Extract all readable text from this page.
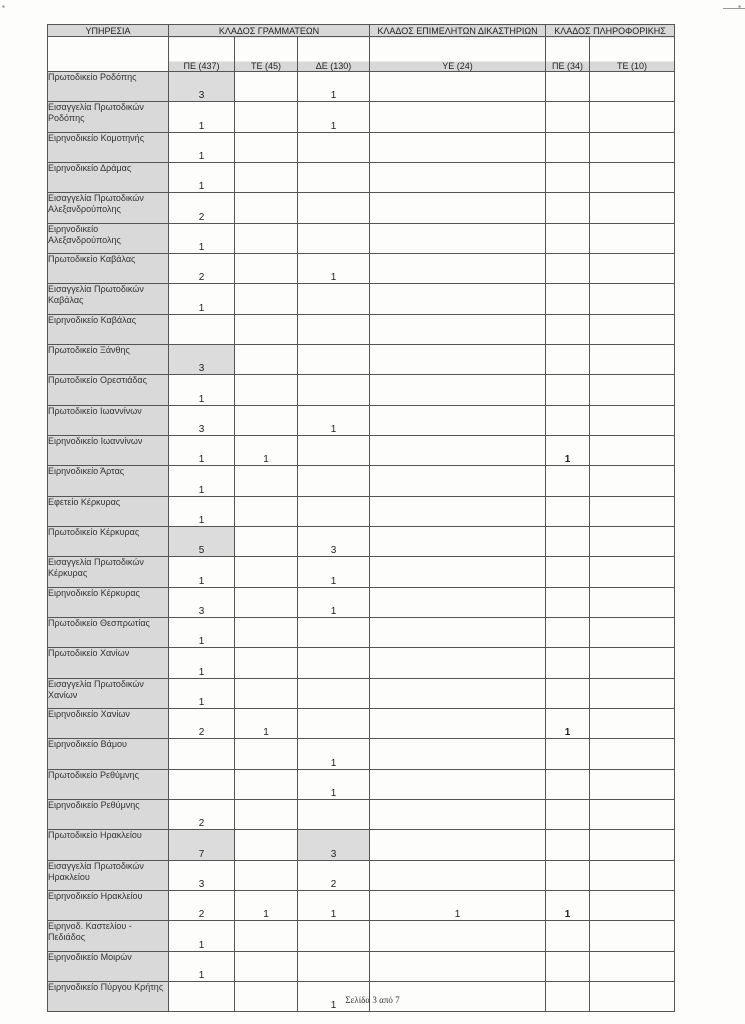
▪	▪
ΥΠΗΡΕΣΙΑ	ΚΛΑΔΟΣ ΓΡΑΜΜΑΤΕΩΝ			ΚΛΑΔΟΣ ΕΠΙΜΕΛΗΤΩΝ ΔΙΚΑΣΤΗΡΙΩΝ	ΚΛΑΔΟΣ ΠΛΗΡΟΦΟΡΙΚΗΣ	
	ΠΕ (437)	ΤΕ (45)	ΔΕ (130)	ΥΕ (24)	ΠΕ (34)	ΤΕ (10)
Πρωτοδικείο Ροδόπης	3		1			
Εισαγγελία Πρωτοδικών Ροδόπης	1		1			
Ειρηνοδικείο Κομοτηνής	1					
Ειρηνοδικείο Δράμας	1					
Εισαγγελία Πρωτοδικών Αλεξανδρούπολης	2					
Ειρηνοδικείο Αλεξανδρούπολης	1					
Πρωτοδικείο Καβάλας	2		1			
Εισαγγελία Πρωτοδικών Καβάλας	1					
Ειρηνοδικείο Καβάλας						
Πρωτοδικείο Ξάνθης	3					
Πρωτοδικείο Ορεστιάδας	1					
Πρωτοδικείο Ιωαννίνων	3		1			
Ειρηνοδικείο Ιωαννίνων	1	1			1	
Ειρηνοδικείο Άρτας	1					
Εφετείο Κέρκυρας	1					
Πρωτοδικείο Κέρκυρας	5		3			
Εισαγγελία Πρωτοδικών Κέρκυρας	1		1			
Ειρηνοδικείο Κέρκυρας	3		1			
Πρωτοδικείο Θεσπρωτίας	1					
Πρωτοδικείο Χανίων	1					
Εισαγγελία Πρωτοδικών Χανίων	1					
Ειρηνοδικείο Χανίων	2	1			1	
Ειρηνοδικείο Βάμου			1			
Πρωτοδικείο Ρεθύμνης			1			
Ειρηνοδικείο Ρεθύμνης	2					
Πρωτοδικείο Ηρακλείου	7		3			
Εισαγγελία Πρωτοδικών Ηρακλείου	3		2			
Ειρηνοδικείο Ηρακλείου	2	1	1	1	1	
Ειρηνοδ. Καστελίου - Πεδιάδος	1					
Ειρηνοδικείο Μοιρών	1					
Ειρηνοδικείο Πύργου Κρήτης			1				Σελίδα 3 από 7
